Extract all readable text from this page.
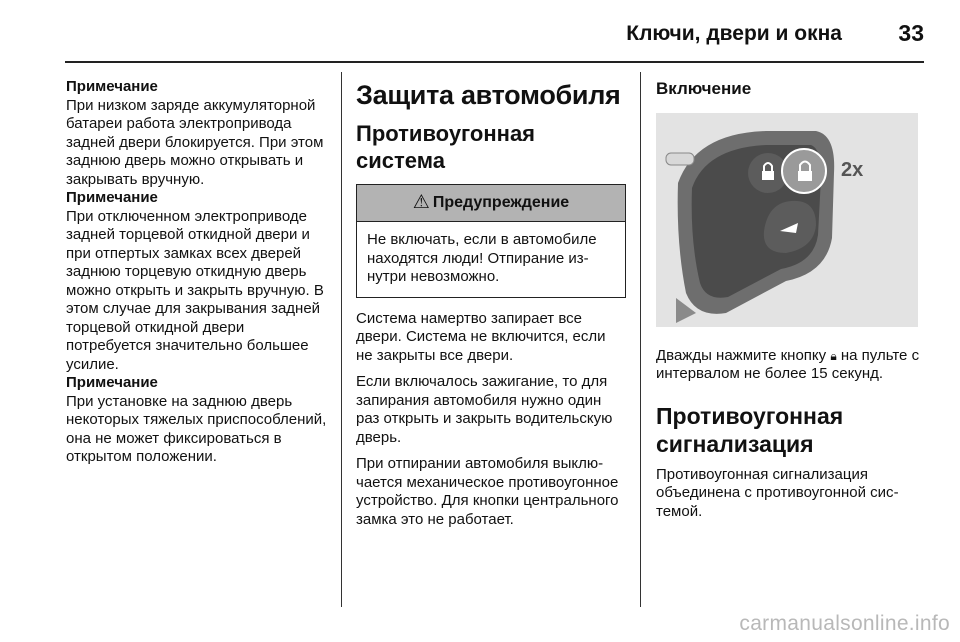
Ключи, двери и окна 33

Примечание

При низком заряде аккумуляторной батареи работа электропривода задней двери блокируется. При этом заднюю дверь можно открывать и закрывать вручную.

Примечание

При отключенном электроприводе задней торцевой откидной двери и при отпертых замках всех дверей заднюю торцевую откидную дверь можно открыть и закрыть вручную. В этом случае для закрывания задней торцевой откидной двери потребуется значительно большее усилие.

Примечание

При установке на заднюю дверь некоторых тяжелых приспособлений, она не может фиксироваться в открытом положении.

Защита автомобиля
Противоугонная система
⚠ Предупреждение
Не включать, если в автомобиле находятся люди! Отпирание изнутри невозможно.

Система намертво запирает все двери. Система не включится, если не закрыты все двери.

Если включалось зажигание, то для запирания автомобиля нужно один раз открыть и закрыть водительскую дверь.

При отпирании автомобиля выключается механическое противоугонное устройство. Для кнопки центрального замка это не работает.

Включение
2x

Дважды нажмите кнопку 🔒︎ на пульте с интервалом не более 15 секунд.

Противоугонная сигнализация

Противоугонная сигнализация объединена с противоугонной системой.

carmanualsonline.info
